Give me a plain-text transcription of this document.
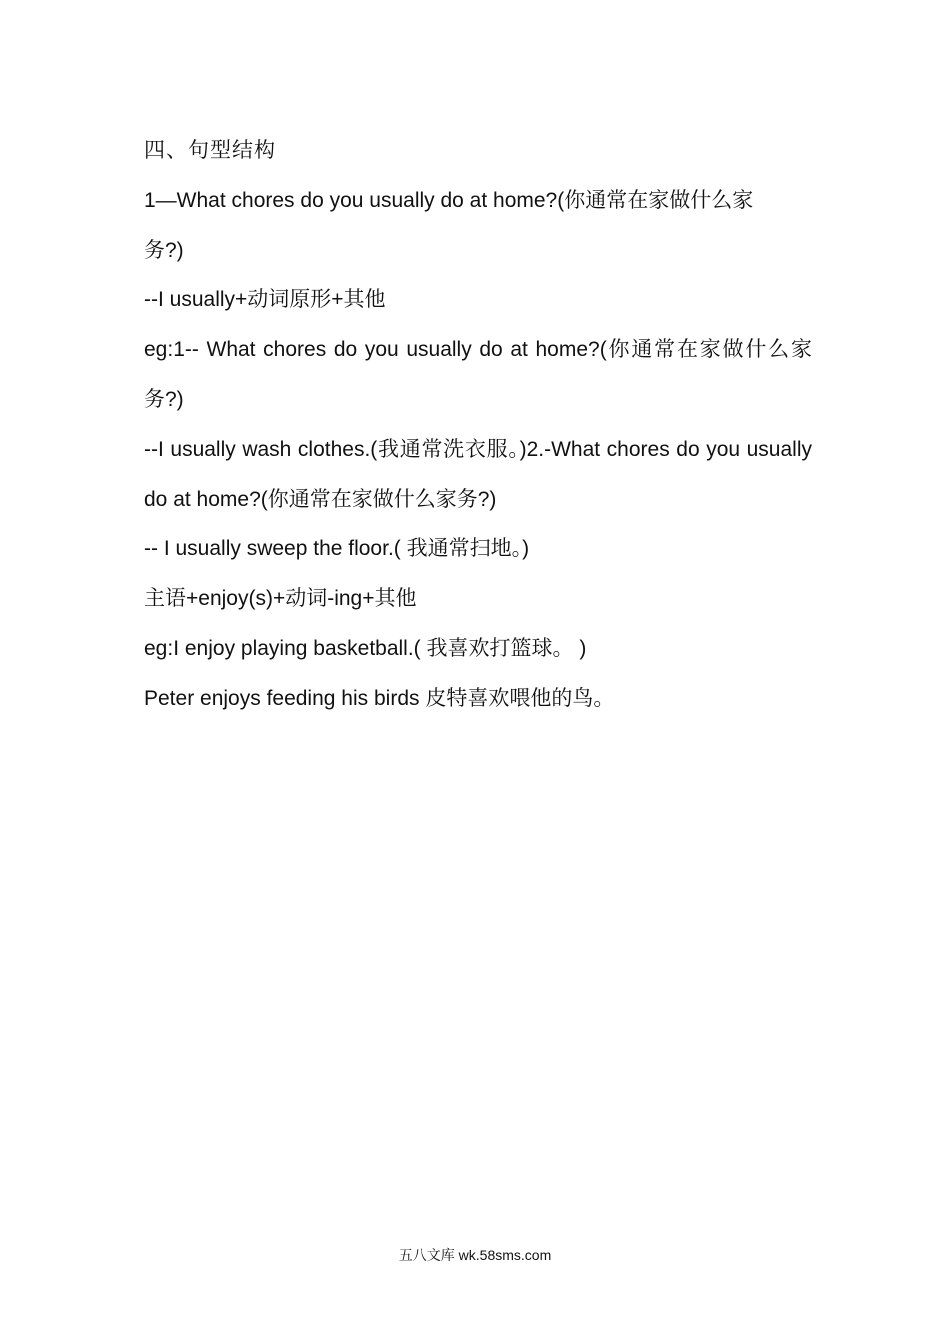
四、句型结构
1—What chores do you usually do at home?(你通常在家做什么家
务?)
--I usually+动词原形+其他
eg:1-- What chores do you usually do at home?(你通常在家做什么家
务?)
--I usually wash clothes.(我通常洗衣服。)2.-What chores do you usually
do at home?(你通常在家做什么家务?)
-- I usually sweep the floor.( 我通常扫地。)
主语+enjoy(s)+动词-ing+其他
eg:I enjoy playing basketball.( 我喜欢打篮球。 )
Peter enjoys feeding his birds 皮特喜欢喂他的鸟。
五八文库 wk.58sms.com
